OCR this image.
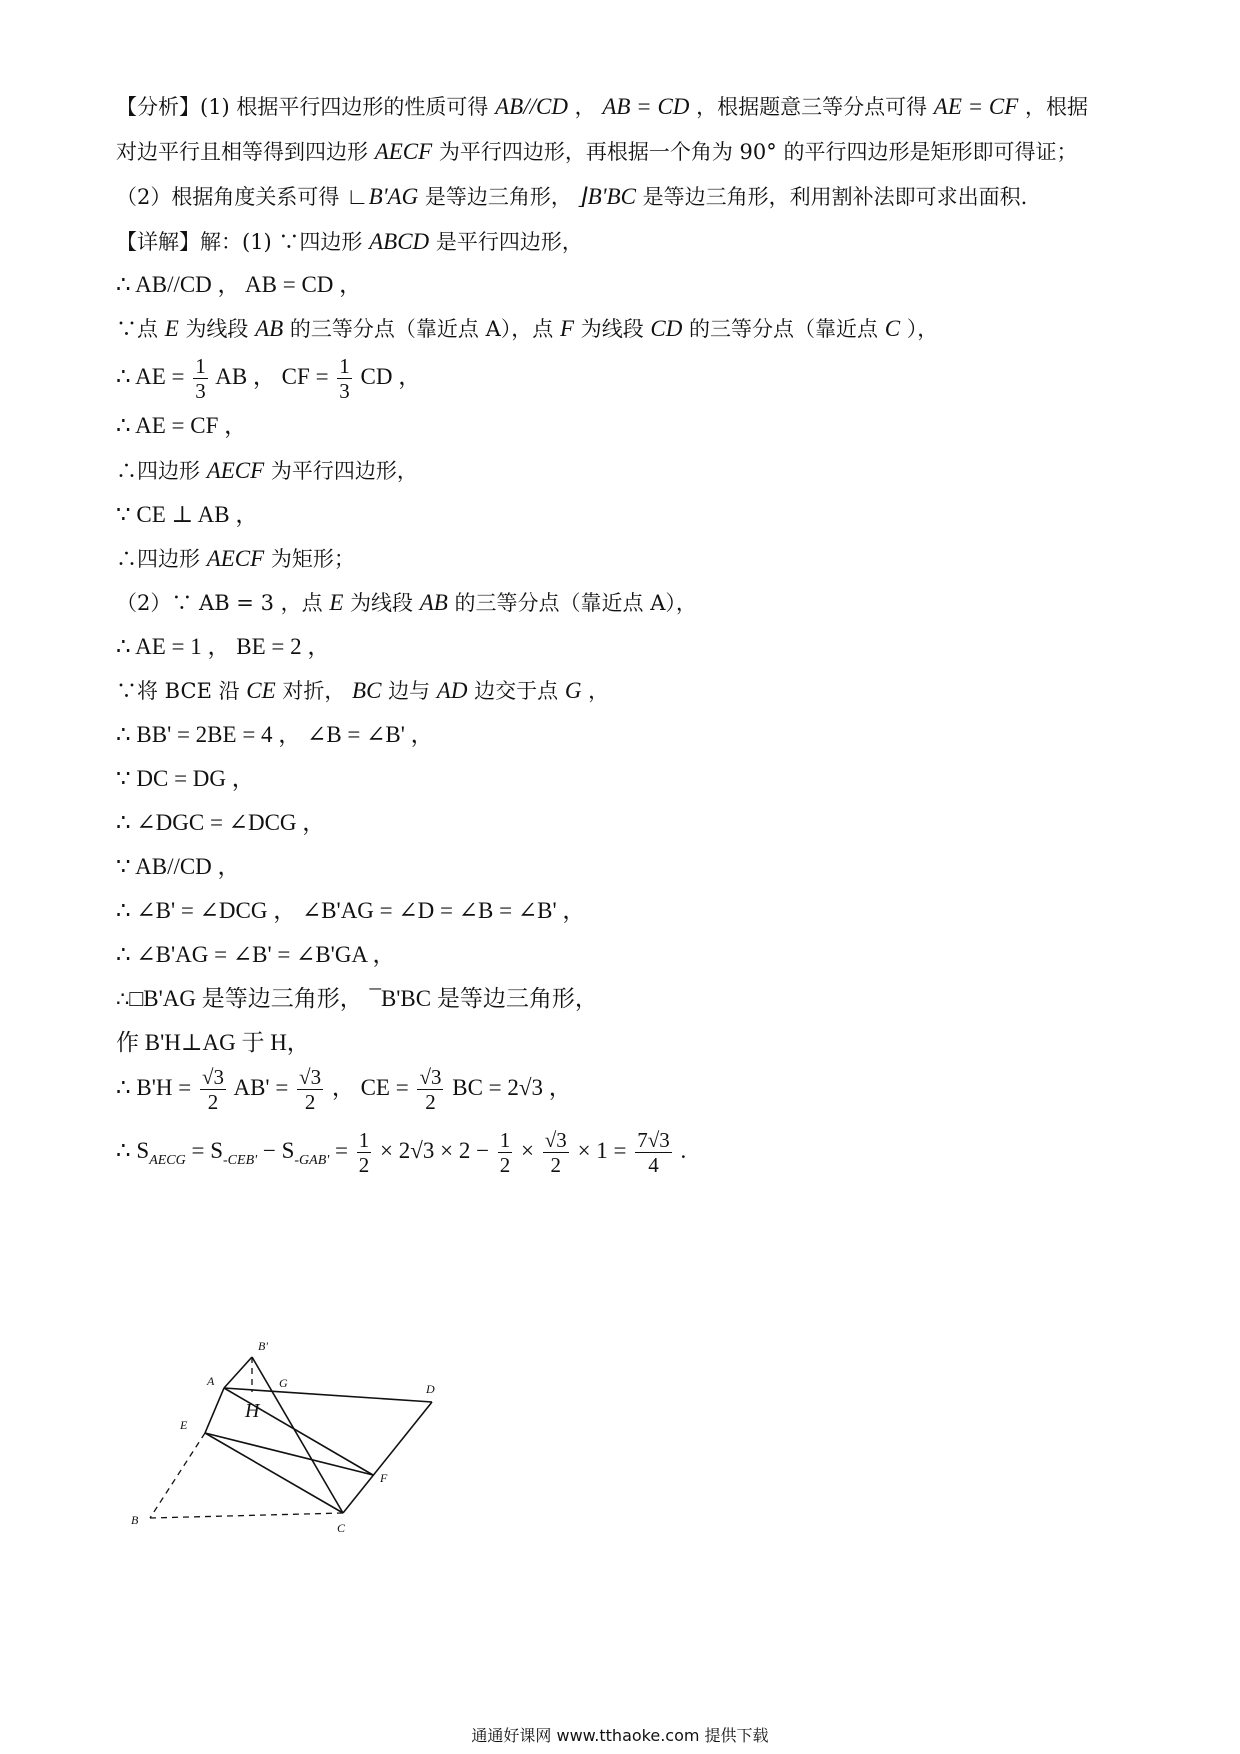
【分析】(1) 根据平行四边形的性质可得 AB//CD ， AB = CD ，根据题意三等分点可得 AE = CF ，根据
对边平行且相等得到四边形 AECF 为平行四边形，再根据一个角为 90° 的平行四边形是矩形即可得证；
（2）根据角度关系可得 ∟B'AG 是等边三角形， ⌋B'BC 是等边三角形，利用割补法即可求出面积.
【详解】解：(1) ∵四边形 ABCD 是平行四边形，
∴ AB//CD ， AB = CD ，
∵点 E 为线段 AB 的三等分点（靠近点 A），点 F 为线段 CD 的三等分点（靠近点 C ），
∴ AE = $\frac{1}{3}$ AB ， CF = $\frac{1}{3}$ CD ，
∴ AE = CF ，
∴四边形 AECF 为平行四边形，
∵ CE ⊥ AB ，
∴四边形 AECF 为矩形；
（2）∵ AB = 3 ，点 E 为线段 AB 的三等分点（靠近点 A），
∴ AE = 1 ， BE = 2 ，
∵将 BCE 沿 CE 对折， BC 边与 AD 边交于点 G ，
∴ BB' = 2BE = 4 ， ∠B = ∠B' ，
∵ DC = DG ，
∴ ∠DGC = ∠DCG ，
∵ AB//CD ，
∴ ∠B' = ∠DCG ， ∠B'AG = ∠D = ∠B = ∠B' ，
∴ ∠B'AG = ∠B' = ∠B'GA ，
∴□B'AG 是等边三角形， ¯B'BC 是等边三角形，
作 B'H⊥AG 于 H，
∴ $B'H = \frac{√3}{2} AB' = \frac{√3}{2}$ ， CE = $\frac{√3}{2}$ BC = 2√3 ，
∴ $S_{AECG} = S_{-CEB'} - S_{-GAB'} = \frac{1}{2} \times 2√3 \times 2 - \frac{1}{2} \times \frac{√3}{2} \times 1 = \frac{7√3}{4}$ .
B'
A	G	D
E
H
F
B
C
通通好课网 www.tthaoke.com 提供下载
